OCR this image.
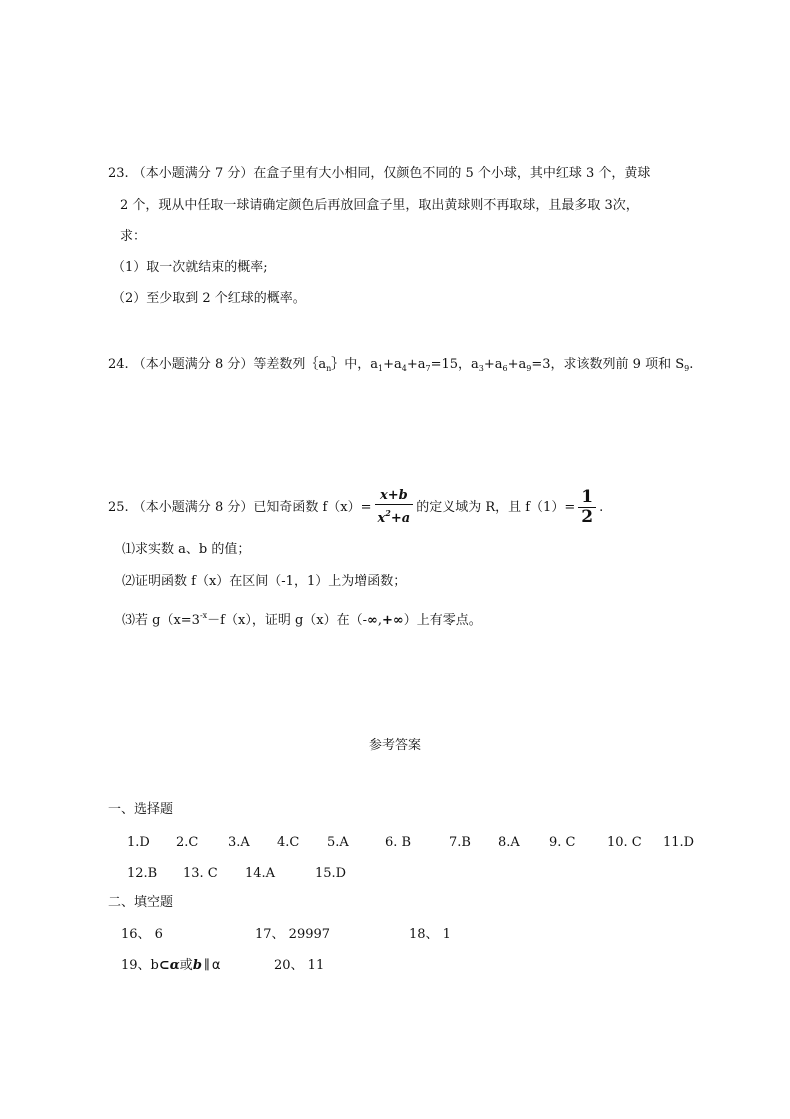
23. （本小题满分 7 分）在盒子里有大小相同，仅颜色不同的 5 个小球，其中红球 3 个，黄球
2 个，现从中任取一球请确定颜色后再放回盒子里，取出黄球则不再取球，且最多取 3次，
求：
（1）取一次就结束的概率;
（2）至少取到 2 个红球的概率。
24. （本小题满分 8 分）等差数列$\{a_n\}$中，$a_1+a_4+a_7=15$，$a_3+a_6+a_9=3$，求该数列前 9 项和 $S_9$.
25. （本小题满分 8 分）已知奇函数 $f(x)= \frac{x+b}{x^2+a}$ 的定义域为 R，且 $f(1)= \frac{1}{2}$ .
⑴求实数 a、b 的值；
⑵证明函数 f（x）在区间（-1，1）上为增函数；
⑶若 $g(x=3^{-x}-f(x)$，证明 g（x）在（-∞,+∞）上有零点。
参考答案
一、选择题
1.D 2.C 3.A 4.C 5.A	6. B	7.B 8.A 9. C 10. C 11.D
12.B 13. C 14.A	15.D
二、填空题
16、 6	17、 29997	18、 1
19、b⊂α或b ∥ α	20、 11
